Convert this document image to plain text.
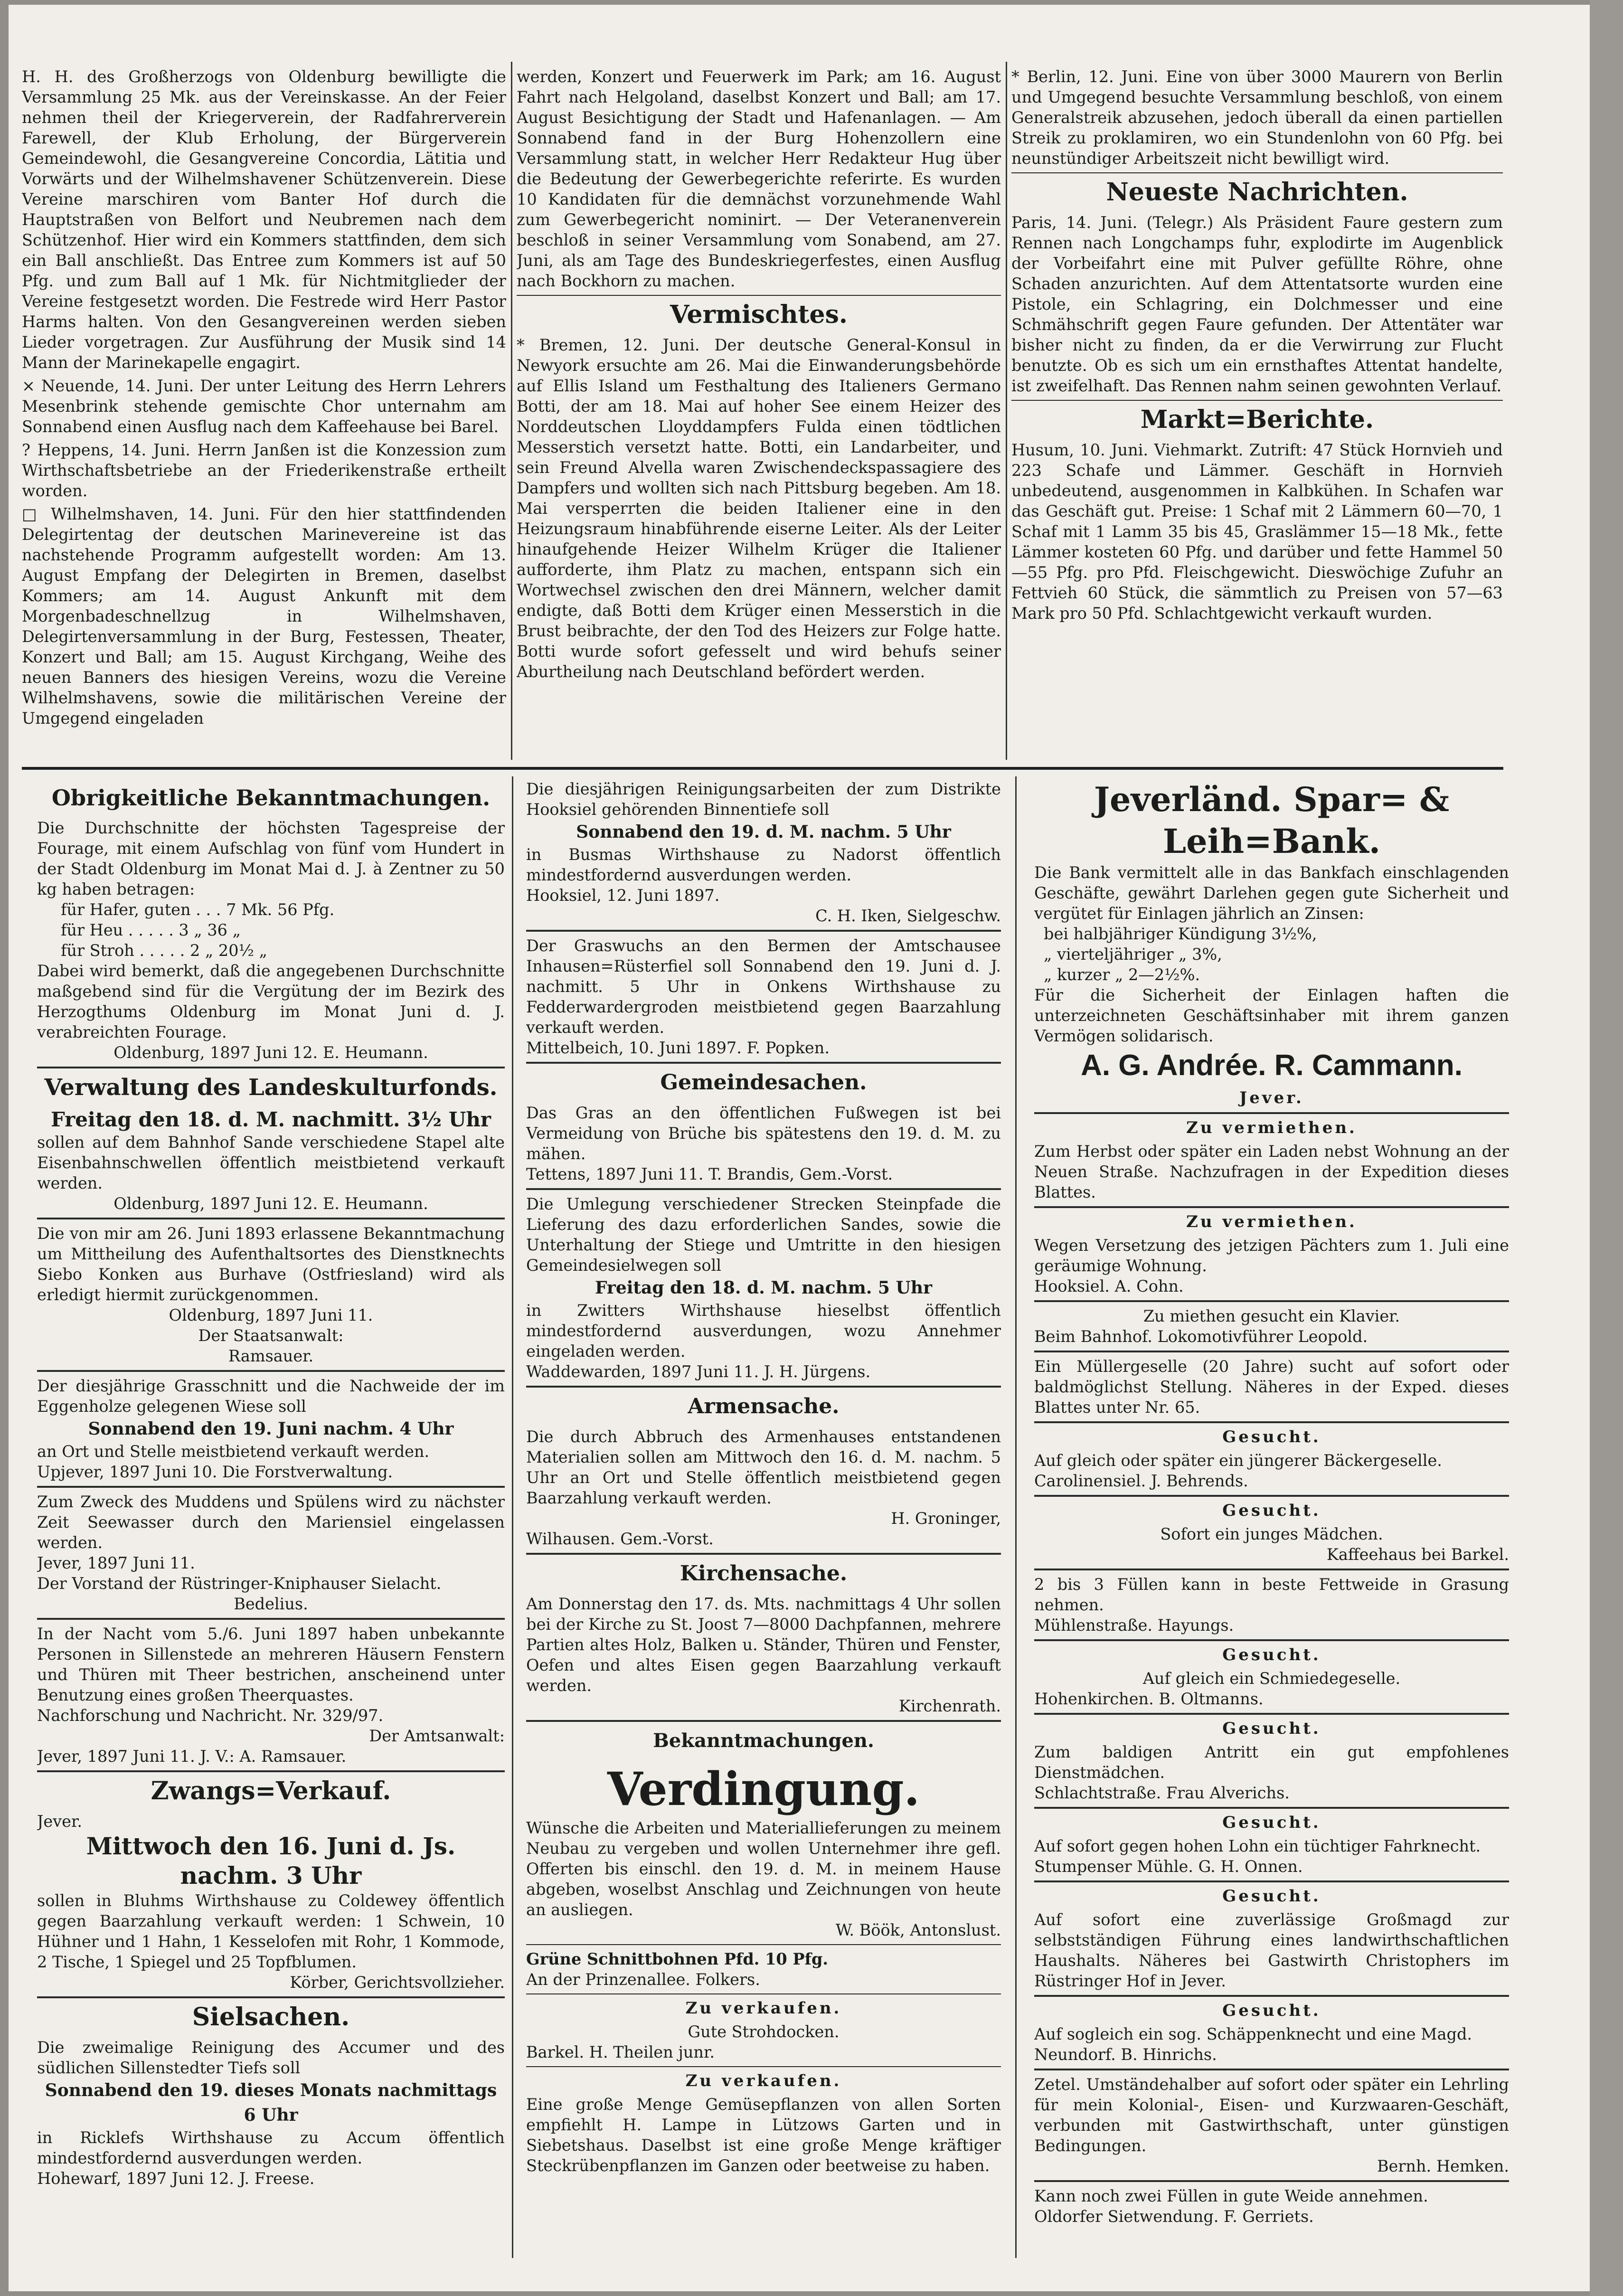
H. H. des Großherzogs von Oldenburg bewilligte die Versammlung 25 Mk. aus der Vereinskasse. An der Feier nehmen theil der Kriegerverein, der Radfahrerverein Farewell, der Klub Erholung, der Bürgerverein Gemeindewohl, die Gesangvereine Concordia, Lätitia und Vorwärts und der Wilhelmshavener Schützenverein. Diese Vereine marschiren vom Banter Hof durch die Hauptstraßen von Belfort und Neubremen nach dem Schützenhof. Hier wird ein Kommers stattfinden, dem sich ein Ball anschließt. Das Entree zum Kommers ist auf 50 Pfg. und zum Ball auf 1 Mk. für Nichtmitglieder der Vereine festgesetzt worden. Die Festrede wird Herr Pastor Harms halten. Von den Gesangvereinen werden sieben Lieder vorgetragen. Zur Ausführung der Musik sind 14 Mann der Marinekapelle engagirt.

× Neuende, 14. Juni. Der unter Leitung des Herrn Lehrers Mesenbrink stehende gemischte Chor unternahm am Sonnabend einen Ausflug nach dem Kaffeehause bei Barel.

? Heppens, 14. Juni. Herrn Janßen ist die Konzession zum Wirthschaftsbetriebe an der Friederikenstraße ertheilt worden.

□ Wilhelmshaven, 14. Juni. Für den hier stattfindenden Delegirtentag der deutschen Marinevereine ist das nachstehende Programm aufgestellt worden: Am 13. August Empfang der Delegirten in Bremen, daselbst Kommers; am 14. August Ankunft mit dem Morgenbadeschnellzug in Wilhelmshaven, Delegirtenversammlung in der Burg, Festessen, Theater, Konzert und Ball; am 15. August Kirchgang, Weihe des neuen Banners des hiesigen Vereins, wozu die Vereine Wilhelmshavens, sowie die militärischen Vereine der Umgegend eingeladen

werden, Konzert und Feuerwerk im Park; am 16. August Fahrt nach Helgoland, daselbst Konzert und Ball; am 17. August Besichtigung der Stadt und Hafenanlagen. — Am Sonnabend fand in der Burg Hohenzollern eine Versammlung statt, in welcher Herr Redakteur Hug über die Bedeutung der Gewerbegerichte referirte. Es wurden 10 Kandidaten für die demnächst vorzunehmende Wahl zum Gewerbegericht nominirt. — Der Veteranenverein beschloß in seiner Versammlung vom Sonabend, am 27. Juni, als am Tage des Bundeskriegerfestes, einen Ausflug nach Bockhorn zu machen.

Vermischtes.

* Bremen, 12. Juni. Der deutsche General-Konsul in Newyork ersuchte am 26. Mai die Einwanderungsbehörde auf Ellis Island um Festhaltung des Italieners Germano Botti, der am 18. Mai auf hoher See einem Heizer des Norddeutschen Lloyddampfers Fulda einen tödtlichen Messerstich versetzt hatte. Botti, ein Landarbeiter, und sein Freund Alvella waren Zwischendeckspassagiere des Dampfers und wollten sich nach Pittsburg begeben. Am 18. Mai versperrten die beiden Italiener eine in den Heizungsraum hinabführende eiserne Leiter. Als der Leiter hinaufgehende Heizer Wilhelm Krüger die Italiener aufforderte, ihm Platz zu machen, entspann sich ein Wortwechsel zwischen den drei Männern, welcher damit endigte, daß Botti dem Krüger einen Messerstich in die Brust beibrachte, der den Tod des Heizers zur Folge hatte. Botti wurde sofort gefesselt und wird behufs seiner Aburtheilung nach Deutschland befördert werden.

* Berlin, 12. Juni. Eine von über 3000 Maurern von Berlin und Umgegend besuchte Versammlung beschloß, von einem Generalstreik abzusehen, jedoch überall da einen partiellen Streik zu proklamiren, wo ein Stundenlohn von 60 Pfg. bei neunstündiger Arbeitszeit nicht bewilligt wird.

Neueste Nachrichten.

Paris, 14. Juni. (Telegr.) Als Präsident Faure gestern zum Rennen nach Longchamps fuhr, explodirte im Augenblick der Vorbeifahrt eine mit Pulver gefüllte Röhre, ohne Schaden anzurichten. Auf dem Attentatsorte wurden eine Pistole, ein Schlagring, ein Dolchmesser und eine Schmähschrift gegen Faure gefunden. Der Attentäter war bisher nicht zu finden, da er die Verwirrung zur Flucht benutzte. Ob es sich um ein ernsthaftes Attentat handelte, ist zweifelhaft. Das Rennen nahm seinen gewohnten Verlauf.

Markt=Berichte.

Husum, 10. Juni. Viehmarkt. Zutrift: 47 Stück Hornvieh und 223 Schafe und Lämmer. Geschäft in Hornvieh unbedeutend, ausgenommen in Kalbkühen. In Schafen war das Geschäft gut. Preise: 1 Schaf mit 2 Lämmern 60—70, 1 Schaf mit 1 Lamm 35 bis 45, Graslämmer 15—18 Mk., fette Lämmer kosteten 60 Pfg. und darüber und fette Hammel 50—55 Pfg. pro Pfd. Fleischgewicht. Dieswöchige Zufuhr an Fettvieh 60 Stück, die sämmtlich zu Preisen von 57—63 Mark pro 50 Pfd. Schlachtgewicht verkauft wurden.

Obrigkeitliche Bekanntmachungen.

Die Durchschnitte der höchsten Tagespreise der Fourage, mit einem Aufschlag von fünf vom Hundert in der Stadt Oldenburg im Monat Mai d. J. à Zentner zu 50 kg haben betragen:

für Hafer, guten . . . 7 Mk. 56 Pfg.

für Heu . . . . . 3 „ 36 „

für Stroh . . . . . 2 „ 20½ „

Dabei wird bemerkt, daß die angegebenen Durchschnitte maßgebend sind für die Vergütung der im Bezirk des Herzogthums Oldenburg im Monat Juni d. J. verabreichten Fourage.

Oldenburg, 1897 Juni 12. E. Heumann.

Verwaltung des Landeskulturfonds.

Freitag den 18. d. M. nachmitt. 3½ Uhr

sollen auf dem Bahnhof Sande verschiedene Stapel alte Eisenbahnschwellen öffentlich meistbietend verkauft werden.

Oldenburg, 1897 Juni 12. E. Heumann.

Die von mir am 26. Juni 1893 erlassene Bekanntmachung um Mittheilung des Aufenthaltsortes des Dienstknechts Siebo Konken aus Burhave (Ostfriesland) wird als erledigt hiermit zurückgenommen.

Oldenburg, 1897 Juni 11.

Der Staatsanwalt:

Ramsauer.

Der diesjährige Grasschnitt und die Nachweide der im Eggenholze gelegenen Wiese soll

Sonnabend den 19. Juni nachm. 4 Uhr

an Ort und Stelle meistbietend verkauft werden.

Upjever, 1897 Juni 10. Die Forstverwaltung.

Zum Zweck des Muddens und Spülens wird zu nächster Zeit Seewasser durch den Mariensiel eingelassen werden.

Jever, 1897 Juni 11.

Der Vorstand der Rüstringer-Kniphauser Sielacht.

Bedelius.

In der Nacht vom 5./6. Juni 1897 haben unbekannte Personen in Sillenstede an mehreren Häusern Fenstern und Thüren mit Theer bestrichen, anscheinend unter Benutzung eines großen Theerquastes.

Nachforschung und Nachricht. Nr. 329/97.

Der Amtsanwalt:

Jever, 1897 Juni 11. J. V.: A. Ramsauer.

Zwangs=Verkauf.

Jever.

Mittwoch den 16. Juni d. Js. nachm. 3 Uhr

sollen in Bluhms Wirthshause zu Coldewey öffentlich gegen Baarzahlung verkauft werden: 1 Schwein, 10 Hühner und 1 Hahn, 1 Kesselofen mit Rohr, 1 Kommode, 2 Tische, 1 Spiegel und 25 Topfblumen.

Körber, Gerichtsvollzieher.

Sielsachen.

Die zweimalige Reinigung des Accumer und des südlichen Sillenstedter Tiefs soll

Sonnabend den 19. dieses Monats nachmittags 6 Uhr

in Ricklefs Wirthshause zu Accum öffentlich mindestfordernd ausverdungen werden.

Hohewarf, 1897 Juni 12. J. Freese.

Die diesjährigen Reinigungsarbeiten der zum Distrikte Hooksiel gehörenden Binnentiefe soll

Sonnabend den 19. d. M. nachm. 5 Uhr

in Busmas Wirthshause zu Nadorst öffentlich mindestfordernd ausverdungen werden.

Hooksiel, 12. Juni 1897.

C. H. Iken, Sielgeschw.

Der Graswuchs an den Bermen der Amtschausee Inhausen=Rüsterfiel soll Sonnabend den 19. Juni d. J. nachmitt. 5 Uhr in Onkens Wirthshause zu Fedderwardergroden meistbietend gegen Baarzahlung verkauft werden.

Mittelbeich, 10. Juni 1897. F. Popken.

Gemeindesachen.

Das Gras an den öffentlichen Fußwegen ist bei Vermeidung von Brüche bis spätestens den 19. d. M. zu mähen.

Tettens, 1897 Juni 11. T. Brandis, Gem.-Vorst.

Die Umlegung verschiedener Strecken Steinpfade die Lieferung des dazu erforderlichen Sandes, sowie die Unterhaltung der Stiege und Umtritte in den hiesigen Gemeindesielwegen soll

Freitag den 18. d. M. nachm. 5 Uhr

in Zwitters Wirthshause hieselbst öffentlich mindestfordernd ausverdungen, wozu Annehmer eingeladen werden.

Waddewarden, 1897 Juni 11. J. H. Jürgens.

Armensache.

Die durch Abbruch des Armenhauses entstandenen Materialien sollen am Mittwoch den 16. d. M. nachm. 5 Uhr an Ort und Stelle öffentlich meistbietend gegen Baarzahlung verkauft werden.

H. Groninger,

Wilhausen. Gem.-Vorst.

Kirchensache.

Am Donnerstag den 17. ds. Mts. nachmittags 4 Uhr sollen bei der Kirche zu St. Joost 7—8000 Dachpfannen, mehrere Partien altes Holz, Balken u. Ständer, Thüren und Fenster, Oefen und altes Eisen gegen Baarzahlung verkauft werden.

Kirchenrath.

Bekanntmachungen.
Verdingung.

Wünsche die Arbeiten und Materiallieferungen zu meinem Neubau zu vergeben und wollen Unternehmer ihre gefl. Offerten bis einschl. den 19. d. M. in meinem Hause abgeben, woselbst Anschlag und Zeichnungen von heute an ausliegen.

W. Böök, Antonslust.

Grüne Schnittbohnen Pfd. 10 Pfg.

An der Prinzenallee. Folkers.

Zu verkaufen.

Gute Strohdocken.

Barkel. H. Theilen junr.

Zu verkaufen.

Eine große Menge Gemüsepflanzen von allen Sorten empfiehlt H. Lampe in Lützows Garten und in Siebetshaus. Daselbst ist eine große Menge kräftiger Steckrübenpflanzen im Ganzen oder beetweise zu haben.

Jeverländ. Spar= & Leih=Bank.

Die Bank vermittelt alle in das Bankfach einschlagenden Geschäfte, gewährt Darlehen gegen gute Sicherheit und vergütet für Einlagen jährlich an Zinsen:

bei halbjähriger Kündigung 3½%,

„ vierteljähriger „ 3%,

„ kurzer „ 2—2½%.

Für die Sicherheit der Einlagen haften die unterzeichneten Geschäftsinhaber mit ihrem ganzen Vermögen solidarisch.

A. G. Andrée. R. Cammann.

Jever.
Zu vermiethen.

Zum Herbst oder später ein Laden nebst Wohnung an der Neuen Straße. Nachzufragen in der Expedition dieses Blattes.

Zu vermiethen.

Wegen Versetzung des jetzigen Pächters zum 1. Juli eine geräumige Wohnung.

Hooksiel. A. Cohn.

Zu miethen gesucht ein Klavier.

Beim Bahnhof. Lokomotivführer Leopold.

Ein Müllergeselle (20 Jahre) sucht auf sofort oder baldmöglichst Stellung. Näheres in der Exped. dieses Blattes unter Nr. 65.

Gesucht.

Auf gleich oder später ein jüngerer Bäckergeselle.

Carolinensiel. J. Behrends.

Gesucht.

Sofort ein junges Mädchen.

Kaffeehaus bei Barkel.

2 bis 3 Füllen kann in beste Fettweide in Grasung nehmen.

Mühlenstraße. Hayungs.

Gesucht.

Auf gleich ein Schmiedegeselle.

Hohenkirchen. B. Oltmanns.

Gesucht.

Zum baldigen Antritt ein gut empfohlenes Dienstmädchen.

Schlachtstraße. Frau Alverichs.

Gesucht.

Auf sofort gegen hohen Lohn ein tüchtiger Fahrknecht.

Stumpenser Mühle. G. H. Onnen.

Gesucht.

Auf sofort eine zuverlässige Großmagd zur selbstständigen Führung eines landwirthschaftlichen Haushalts. Näheres bei Gastwirth Christophers im Rüstringer Hof in Jever.

Gesucht.

Auf sogleich ein sog. Schäppenknecht und eine Magd.

Neundorf. B. Hinrichs.

Zetel. Umständehalber auf sofort oder später ein Lehrling für mein Kolonial-, Eisen- und Kurzwaaren-Geschäft, verbunden mit Gastwirthschaft, unter günstigen Bedingungen.

Bernh. Hemken.

Kann noch zwei Füllen in gute Weide annehmen.

Oldorfer Sietwendung. F. Gerriets.
